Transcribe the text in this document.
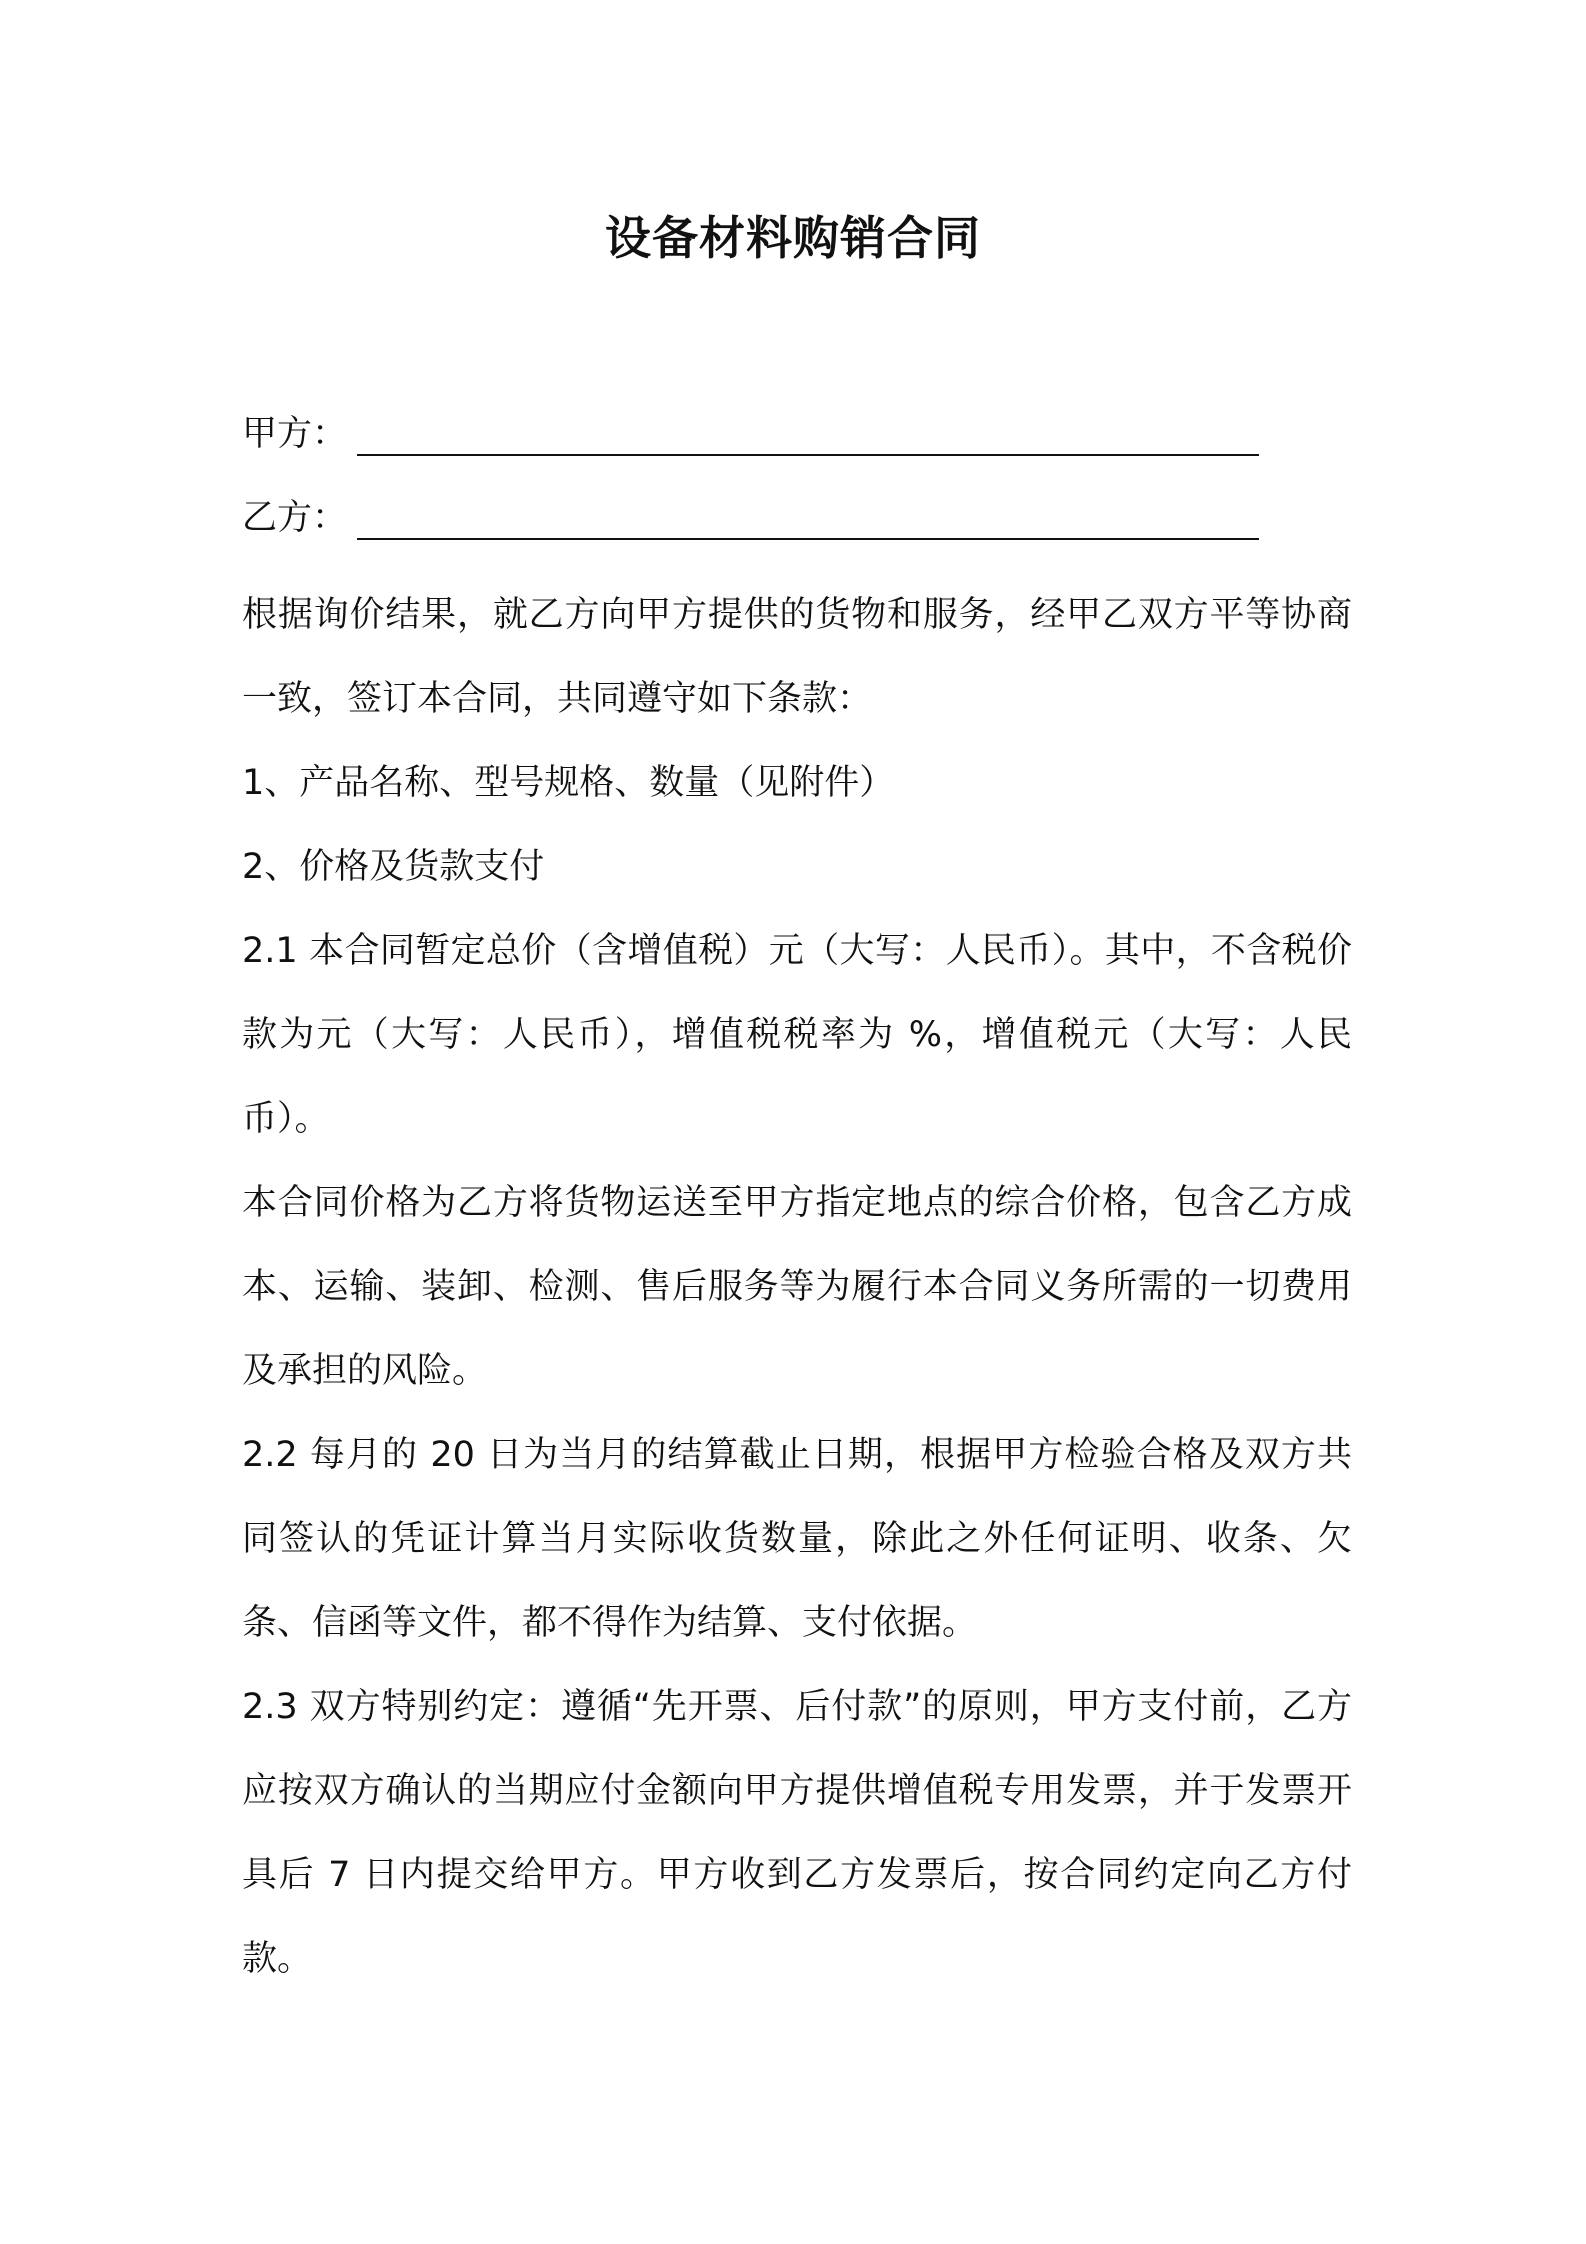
设备材料购销合同
甲方：
乙方：

根据询价结果，就乙方向甲方提供的货物和服务，经甲乙双方平等协商一致，签订本合同，共同遵守如下条款：

1、产品名称、型号规格、数量（见附件）

2、价格及货款支付

2.1 本合同暂定总价（含增值税）元（大写：人民币）。其中，不含税价款为元（大写：人民币），增值税税率为 %，增值税元（大写：人民币）。

本合同价格为乙方将货物运送至甲方指定地点的综合价格，包含乙方成本、运输、装卸、检测、售后服务等为履行本合同义务所需的一切费用及承担的风险。

2.2 每月的 20 日为当月的结算截止日期，根据甲方检验合格及双方共同签认的凭证计算当月实际收货数量，除此之外任何证明、收条、欠条、信函等文件，都不得作为结算、支付依据。

2.3 双方特别约定：遵循“先开票、后付款”的原则，甲方支付前，乙方应按双方确认的当期应付金额向甲方提供增值税专用发票，并于发票开具后 7 日内提交给甲方。甲方收到乙方发票后，按合同约定向乙方付款。
